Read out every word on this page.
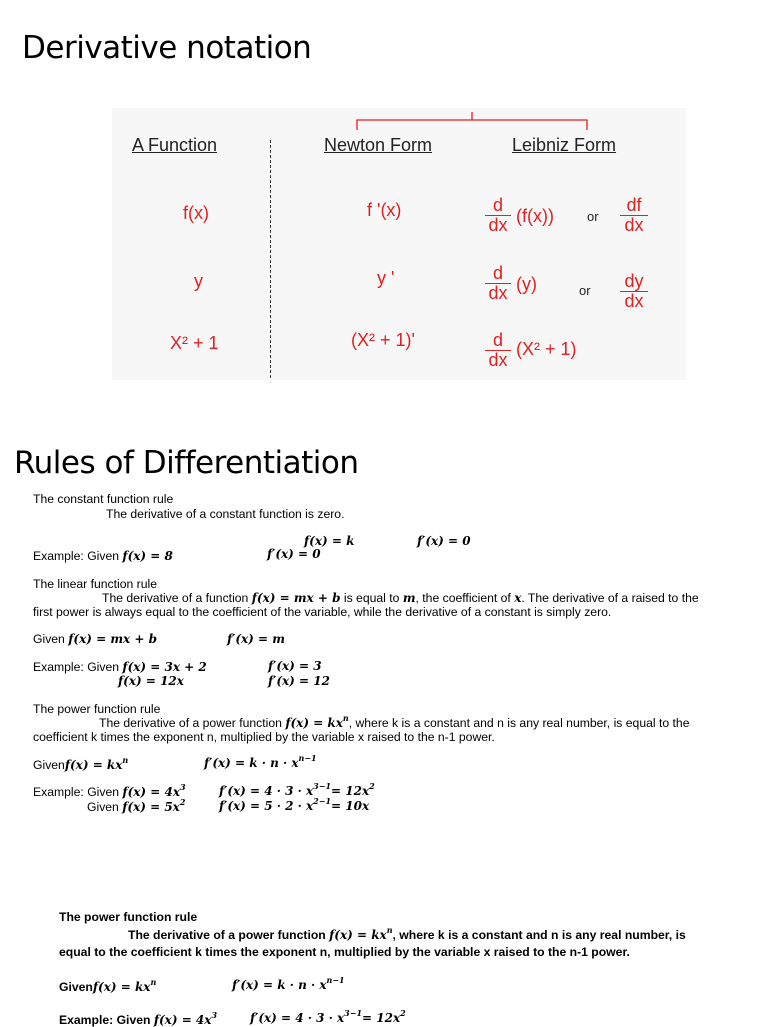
Derivative notation
A Function	Newton Form	Leibniz Form
f(x)	f '(x)	$\frac{d}{dx} (f(x))$	or $\frac{df}{dx}$
y	y '	$\frac{d}{dx} (y)$	or $\frac{dy}{dx}$
X² + 1	(X² + 1)'	$\frac{d}{dx} (X^2 + 1)$
Rules of Differentiation
The constant function rule
The derivative of a constant function is zero.
f(x) = k	f′(x) = 0
Example: Given f(x) = 8	f′(x) = 0
The linear function rule
The derivative of a function f(x) = mx + b is equal to m, the coefficient of x. The derivative of a raised to the
first power is always equal to the coefficient of the variable, while the derivative of a constant is simply zero.
Given f(x) = mx + b	f′(x) = m
Example: Given f(x) = 3x + 2	f′(x) = 3
f(x) = 12x	f′(x) = 12
The power function rule
The derivative of a power function $f(x) = kx^n$, where k is a constant and n is any real number, is equal to the
coefficient k times the exponent n, multiplied by the variable x raised to the n-1 power.
Givenf(x) = $kx^n$	$f'(x) = k \cdot n \cdot x^{n-1}$
Example: Given $f(x) = 4x^3$	$f'(x) = 4 \cdot 3 \cdot x^{3-1}= 12x^2$
Given $f(x) = 5x^2$	$f'(x) = 5 \cdot 2 \cdot x^{2-1}= 10x$
The power function rule
The derivative of a power function $f(x) = kx^n$, where k is a constant and n is any real number, is
equal to the coefficient k times the exponent n, multiplied by the variable x raised to the n-1 power.
Givenf(x) = $kx^n$	$f'(x) = k \cdot n \cdot x^{n-1}$
Example: Given $f(x) = 4x^3$	$f'(x) = 4 \cdot 3 \cdot x^{3-1}= 12x^2$
